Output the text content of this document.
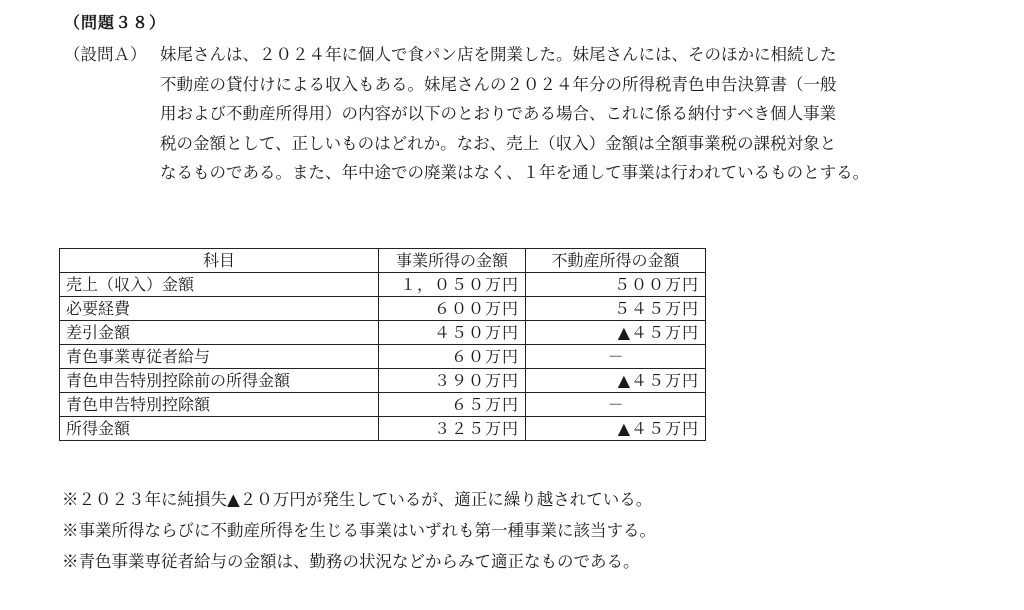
（問題３８）
（設問Ａ） 妹尾さんは、２０２４年に個人で食パン店を開業した。妹尾さんには、そのほかに相続した
不動産の貸付けによる収入もある。妹尾さんの２０２４年分の所得税青色申告決算書（一般
用および不動産所得用）の内容が以下のとおりである場合、これに係る納付すべき個人事業
税の金額として、正しいものはどれか。なお、売上（収入）金額は全額事業税の課税対象と
なるものである。また、年中途での廃業はなく、１年を通して事業は行われているものとする。
科目	事業所得の金額	不動産所得の金額
売上（収入）金額	１，０５０万円	５００万円
必要経費	６００万円	５４５万円
差引金額	４５０万円	▲４５万円
青色事業専従者給与	６０万円	－
青色申告特別控除前の所得金額	３９０万円	▲４５万円
青色申告特別控除額	６５万円	－
所得金額	３２５万円	▲４５万円
※２０２３年に純損失▲２０万円が発生しているが、適正に繰り越されている。
※事業所得ならびに不動産所得を生じる事業はいずれも第一種事業に該当する。
※青色事業専従者給与の金額は、勤務の状況などからみて適正なものである。
